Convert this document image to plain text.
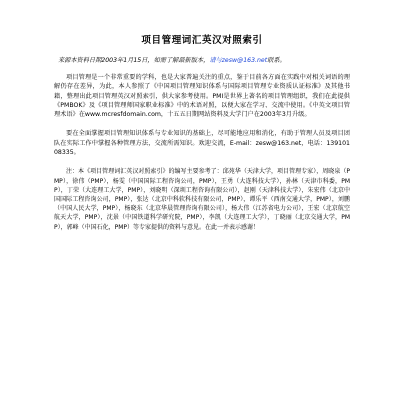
项目管理词汇英汉对照索引
来源本资料日期2003年1月15日，如需了解最新版本，请与zesw@163.net联系。

项目管理是一个非常重要的学科，也是大家普遍关注的重点，鉴于目前各方面在实践中对相关词语的理解仍存在差异，为此，本人参照了《中国项目管理知识体系与国际项目管理专业资质认证标准》及其他书籍，整理出此项目管理英汉对照索引，供大家参考使用。PMI是世界上著名的项目管理组织，我们在此提供《PMBOK》及《项目管理师国家职业标准》中的术语对照，以便大家在学习、交流中使用。《中英文项目管理术语》在www.mcresfdomain.com，十五五日期网站资料及大学门户在2003年3月升级。

要在全面掌握项目管理知识体系与专业知识的基础上，尽可能地应用和消化，有助于管理人员及项目团队在实际工作中掌握各种管理方法，交流所需知识。欢迎交流，E-mail：zesw@163.net，电话：13910108335。

注：本《项目管理词汇英汉对照索引》的编写主要参考了：邱苑华（天津大学，项目管理专家），周晓泉（PMP），徐伟（PMP），杨雯（中国国际工程咨询公司，PMP），王勇（大连科技大学），孙林（天津市科委，PMP），丁荣（大连理工大学，PMP），刘晓明（深圳工程咨询有限公司），赵刚（天津科技大学），朱宏伟（北京中国国际工程咨询公司，PMP），张达（北京中科软科技有限公司，PMP），谭乐平（西南交通大学，PMP），刘鹏（中国人民大学，PMP），杨晓东（北京华晨管理咨询有限公司），杨大伟（江苏省电力公司），王宏（北京航空航天大学，PMP），沈景（中国铁道科学研究院，PMP），李凯（大连理工大学），丁晓丽（北京交通大学，PMP），郭峰（中国石化，PMP）等专家提供的资料与意见。在此一并表示感谢！
